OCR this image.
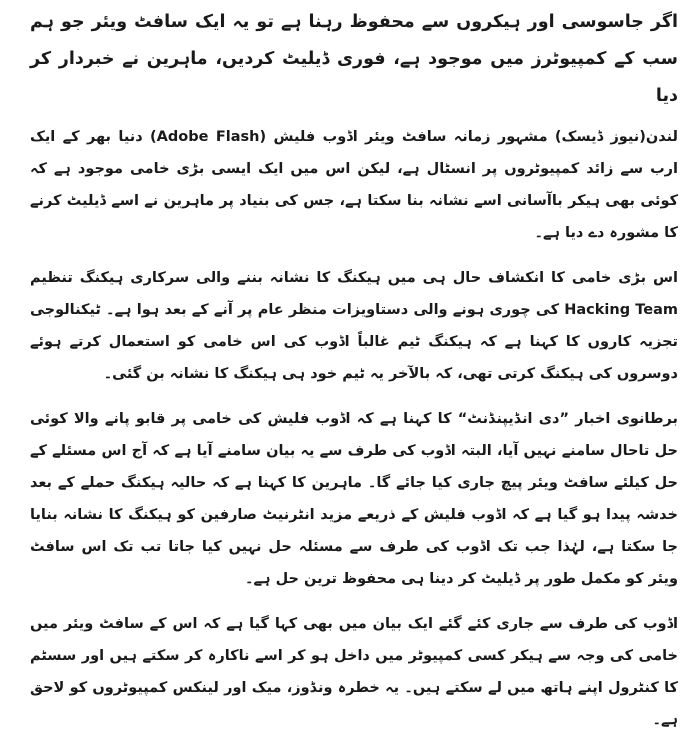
اگر جاسوسی اور ہیکروں سے محفوظ رہنا ہے تو یہ ایک سافٹ ویئر جو ہم سب کے کمپیوٹرز میں موجود ہے، فوری ڈیلیٹ کردیں، ماہرین نے خبردار کر دیا

لندن(نیوز ڈیسک) مشہور زمانہ سافٹ ویئر اڈوب فلیش (Adobe Flash) دنیا بھر کے ایک ارب سے زائد کمپیوٹروں پر انسٹال ہے، لیکن اس میں ایک ایسی بڑی خامی موجود ہے کہ کوئی بھی ہیکر باآسانی اسے نشانہ بنا سکتا ہے، جس کی بنیاد پر ماہرین نے اسے ڈیلیٹ کرنے کا مشورہ دے دیا ہے۔

اس بڑی خامی کا انکشاف حال ہی میں ہیکنگ کا نشانہ بننے والی سرکاری ہیکنگ تنظیم Hacking Team کی چوری ہونے والی دستاویزات منظر عام پر آنے کے بعد ہوا ہے۔ ٹیکنالوجی تجزیہ کاروں کا کہنا ہے کہ ہیکنگ ٹیم غالباً اڈوب کی اس خامی کو استعمال کرتے ہوئے دوسروں کی ہیکنگ کرتی تھی، کہ بالآخر یہ ٹیم خود ہی ہیکنگ کا نشانہ بن گئی۔

برطانوی اخبار ”دی انڈیپنڈنٹ“ کا کہنا ہے کہ اڈوب فلیش کی خامی پر قابو پانے والا کوئی حل تاحال سامنے نہیں آیا، البتہ اڈوب کی طرف سے یہ بیان سامنے آیا ہے کہ آج اس مسئلے کے حل کیلئے سافٹ ویئر پیچ جاری کیا جائے گا۔ ماہرین کا کہنا ہے کہ حالیہ ہیکنگ حملے کے بعد خدشہ پیدا ہو گیا ہے کہ اڈوب فلیش کے ذریعے مزید انٹرنیٹ صارفین کو ہیکنگ کا نشانہ بنایا جا سکتا ہے، لہٰذا جب تک اڈوب کی طرف سے مسئلہ حل نہیں کیا جاتا تب تک اس سافٹ ویئر کو مکمل طور پر ڈیلیٹ کر دینا ہی محفوظ ترین حل ہے۔

اڈوب کی طرف سے جاری کئے گئے ایک بیان میں بھی کہا گیا ہے کہ اس کے سافٹ ویئر میں خامی کی وجہ سے ہیکر کسی کمپیوٹر میں داخل ہو کر اسے ناکارہ کر سکتے ہیں اور سسٹم کا کنٹرول اپنے ہاتھ میں لے سکتے ہیں۔ یہ خطرہ ونڈوز، میک اور لینکس کمپیوٹروں کو لاحق ہے۔
